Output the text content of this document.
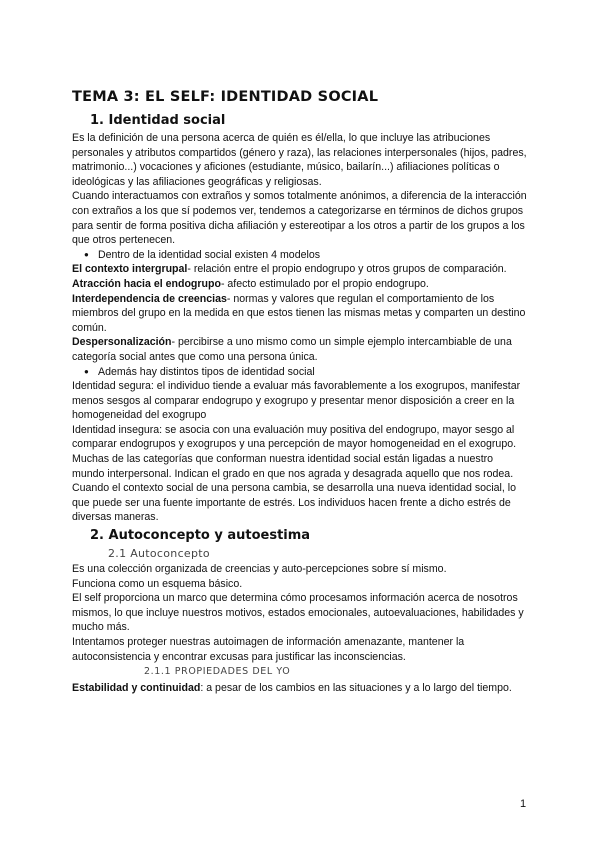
TEMA 3: EL SELF: IDENTIDAD SOCIAL
1. Identidad social

Es la definición de una persona acerca de quién es él/ella, lo que incluye las atribuciones personales y atributos compartidos (género y raza), las relaciones interpersonales (hijos, padres, matrimonio...) vocaciones y aficiones (estudiante, músico, bailarín...) afiliaciones políticas o ideológicas y las afiliaciones geográficas y religiosas.

Cuando interactuamos con extraños y somos totalmente anónimos, a diferencia de la interacción con extraños a los que sí podemos ver, tendemos a categorizarse en términos de dichos grupos para sentir de forma positiva dicha afiliación y estereotipar a los otros a partir de los grupos a los que otros pertenecen.

● Dentro de la identidad social existen 4 modelos

El contexto intergrupal- relación entre el propio endogrupo y otros grupos de comparación.

Atracción hacia el endogrupo- afecto estimulado por el propio endogrupo.

Interdependencia de creencias- normas y valores que regulan el comportamiento de los miembros del grupo en la medida en que estos tienen las mismas metas y comparten un destino común.

Despersonalización- percibirse a uno mismo como un simple ejemplo intercambiable de una categoría social antes que como una persona única.

● Además hay distintos tipos de identidad social

Identidad segura: el individuo tiende a evaluar más favorablemente a los exogrupos, manifestar menos sesgos al comparar endogrupo y exogrupo y presentar menor disposición a creer en la homogeneidad del exogrupo

Identidad insegura: se asocia con una evaluación muy positiva del endogrupo, mayor sesgo al comparar endogrupos y exogrupos y una percepción de mayor homogeneidad en el exogrupo.

Muchas de las categorías que conforman nuestra identidad social están ligadas a nuestro mundo interpersonal. Indican el grado en que nos agrada y desagrada aquello que nos rodea.

Cuando el contexto social de una persona cambia, se desarrolla una nueva identidad social, lo que puede ser una fuente importante de estrés. Los individuos hacen frente a dicho estrés de diversas maneras.

2. Autoconcepto y autoestima
2.1 Autoconcepto

Es una colección organizada de creencias y auto-percepciones sobre sí mismo.

Funciona como un esquema básico.

El self proporciona un marco que determina cómo procesamos información acerca de nosotros mismos, lo que incluye nuestros motivos, estados emocionales, autoevaluaciones, habilidades y mucho más.

Intentamos proteger nuestras autoimagen de información amenazante, mantener la autoconsistencia y encontrar excusas para justificar las inconsciencias.

2.1.1 PROPIEDADES DEL YO

Estabilidad y continuidad: a pesar de los cambios en las situaciones y a lo largo del tiempo.

1
